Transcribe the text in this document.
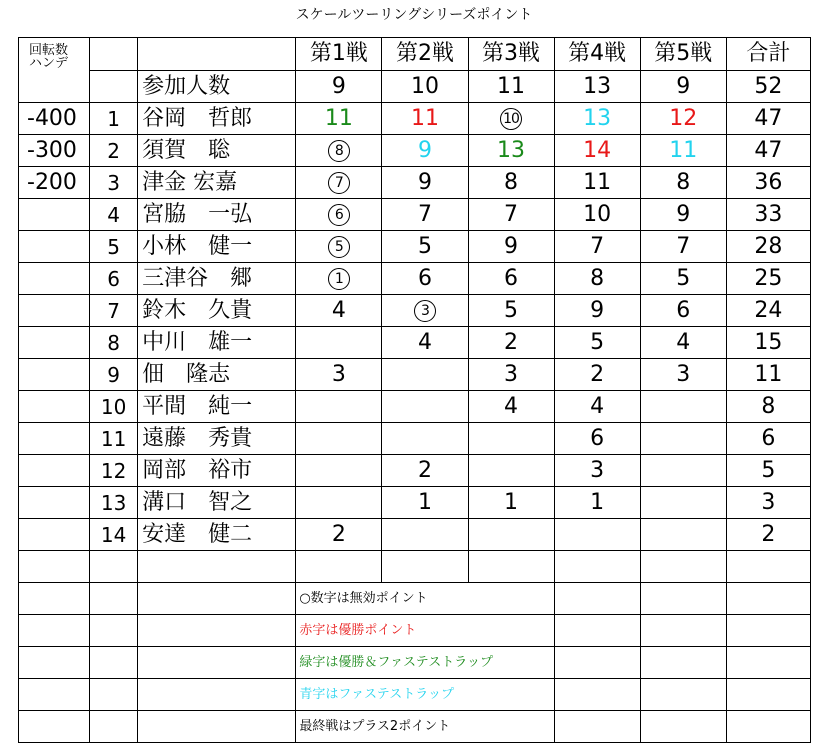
スケールツーリングシリーズポイント
回転数
ハンデ			第1戦	第2戦	第3戦	第4戦	第5戦	合計
		参加人数	9	10	11	13	9	52
-400	1	谷岡　哲郎	11	11	10	13	12	47
-300	2	須賀　聡	8	9	13	14	11	47
-200	3	津金 宏嘉	7	9	8	11	8	36
	4	宮脇　一弘	6	7	7	10	9	33
	5	小林　健一	5	5	9	7	7	28
	6	三津谷　郷	1	6	6	8	5	25
	7	鈴木　久貴	4	3	5	9	6	24
	8	中川　雄一		4	2	5	4	15
	9	佃　隆志	3		3	2	3	11
	10	平間　純一			4	4		8
	11	遠藤　秀貴				6		6
	12	岡部　裕市		2		3		5
	13	溝口　智之		1	1	1		3
	14	安達　健二	2					2

			○数字は無効ポイント					
			赤字は優勝ポイント					
			緑字は優勝＆ファステストラップ					
			青字はファステストラップ					
			最終戦はプラス2ポイント					
